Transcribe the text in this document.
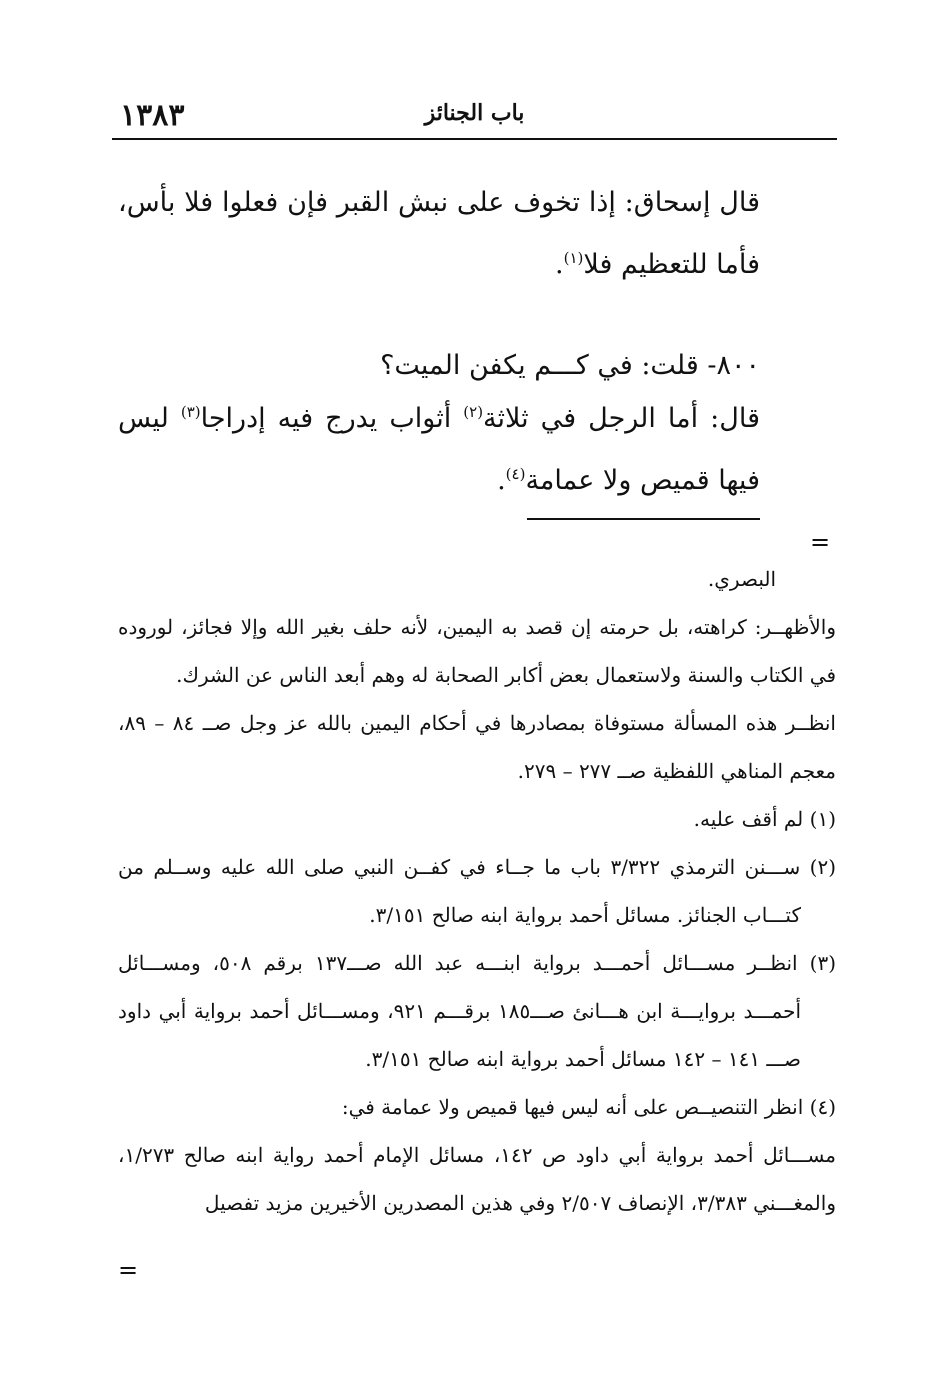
١٣٨٣	باب الجنائز
قال إسحاق: إذا تخوف على نبش القبر فإن فعلوا فلا بأس، فأما للتعظيم فلا$^{(١)}$.
٨٠٠- قلت: في كـــم يكفن الميت؟
قال: أما الرجل في ثلاثة$^{(٢)}$ أثواب يدرج فيه إدراجا$^{(٣)}$ ليس فيها قميص ولا عمامة$^{(٤)}$.
=

البصري.

والأظهــر: كراهته، بل حرمته إن قصد به اليمين، لأنه حلف بغير الله وإلا فجائز، لوروده في الكتاب والسنة ولاستعمال بعض أكابر الصحابة له وهم أبعد الناس عن الشرك.

انظــر هذه المسألة مستوفاة بمصادرها في أحكام اليمين بالله عز وجل صــ ٨٤ – ٨٩، معجم المناهي اللفظية صــ ٢٧٧ – ٢٧٩.

(١) لم أقف عليه.

(٢) ســـنن الترمذي ٣/٣٢٢ باب ما جــاء في كفــن النبي صلى الله عليه وســلم من كتـــاب الجنائز. مسائل أحمد برواية ابنه صالح ٣/١٥١.

(٣) انظــر مســـائل أحمـــد برواية ابنـــه عبد الله صـــ١٣٧ برقم ٥٠٨، ومســـائل أحمـــد بروايـــة ابن هـــانئ صـــ١٨٥ برقـــم ٩٢١، ومســـائل أحمد برواية أبي داود صـــ ١٤١ – ١٤٢ مسائل أحمد برواية ابنه صالح ٣/١٥١.

(٤) انظر التنصيــص على أنه ليس فيها قميص ولا عمامة في:

مســـائل أحمد برواية أبي داود ص ١٤٢، مسائل الإمام أحمد رواية ابنه صالح ١/٢٧٣، والمغـــني ٣/٣٨٣، الإنصاف ٢/٥٠٧ وفي هذين المصدرين الأخيرين مزيد تفصيل

=
